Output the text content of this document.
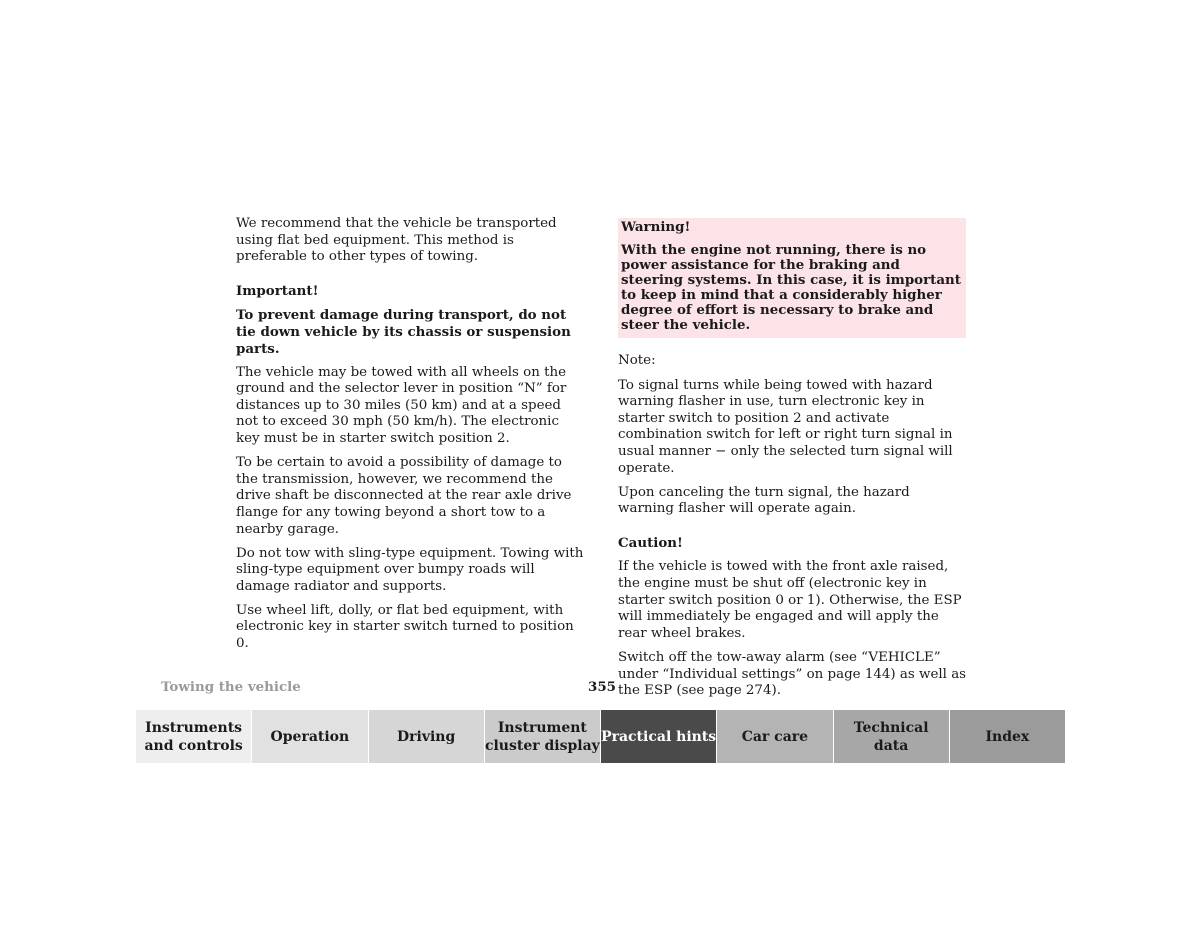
We recommend that the vehicle be transported using flat bed equipment. This method is preferable to other types of towing.

Important!

To prevent damage during transport, do not tie down vehicle by its chassis or suspension parts.

The vehicle may be towed with all wheels on the ground and the selector lever in position “N” for distances up to 30 miles (50 km) and at a speed not to exceed 30 mph (50 km/h). The electronic key must be in starter switch position 2.

To be certain to avoid a possibility of damage to the transmission, however, we recommend the drive shaft be disconnected at the rear axle drive flange for any towing beyond a short tow to a nearby garage.

Do not tow with sling-type equipment. Towing with sling-type equipment over bumpy roads will damage radiator and supports.

Use wheel lift, dolly, or flat bed equipment, with electronic key in starter switch turned to position 0.

Warning!

With the engine not running, there is no power assistance for the braking and steering systems. In this case, it is important to keep in mind that a considerably higher degree of effort is necessary to brake and steer the vehicle.

Note:

To signal turns while being towed with hazard warning flasher in use, turn electronic key in starter switch to position 2 and activate combination switch for left or right turn signal in usual manner − only the selected turn signal will operate.

Upon canceling the turn signal, the hazard warning flasher will operate again.

Caution!

If the vehicle is towed with the front axle raised, the engine must be shut off (electronic key in starter switch position 0 or 1). Otherwise, the ESP will immediately be engaged and will apply the rear wheel brakes.

Switch off the tow-away alarm (see “VEHICLE” under “Individual settings” on page 144) as well as the ESP (see page 274).

Towing the vehicle	355
Instruments
and controls
Operation	Driving
Instrument
cluster display
Practical hints	Car care
Technical
data
Index
